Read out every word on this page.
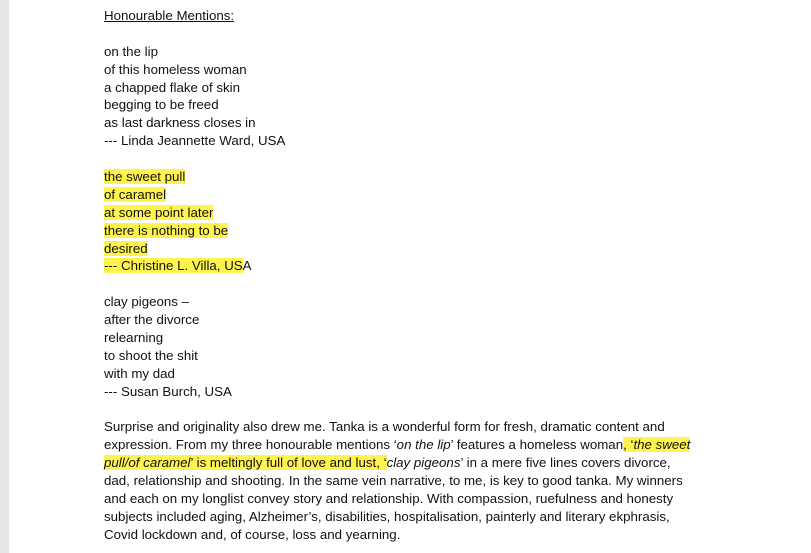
Honourable Mentions:
on the lip
of this homeless woman
a chapped flake of skin
begging to be freed
as last darkness closes in
--- Linda Jeannette Ward, USA
the sweet pull
of caramel
at some point later
there is nothing to be
desired
--- Christine L. Villa, USA
clay pigeons –
after the divorce
relearning
to shoot the shit
with my dad
--- Susan Burch, USA
Surprise and originality also drew me. Tanka is a wonderful form for fresh, dramatic content and
expression. From my three honourable mentions ‘on the lip’ features a homeless woman, ‘the sweet
pull/of caramel’ is meltingly full of love and lust, ‘clay pigeons’ in a mere five lines covers divorce,
dad, relationship and shooting. In the same vein narrative, to me, is key to good tanka. My winners
and each on my longlist convey story and relationship. With compassion, ruefulness and honesty
subjects included aging, Alzheimer’s, disabilities, hospitalisation, painterly and literary ekphrasis,
Covid lockdown and, of course, loss and yearning.
